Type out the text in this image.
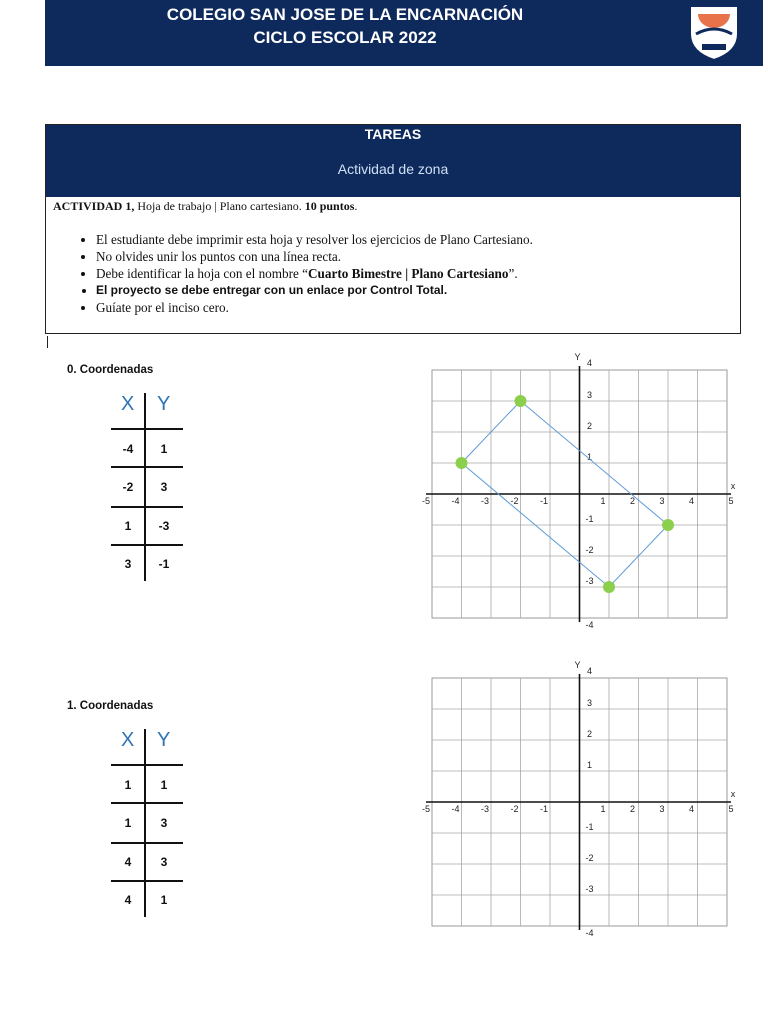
COLEGIO SAN JOSE DE LA ENCARNACIÓN
CICLO ESCOLAR 2022
TAREAS
Actividad de zona
ACTIVIDAD 1, Hoja de trabajo | Plano cartesiano. 10 puntos.
• El estudiante debe imprimir esta hoja y resolver los ejercicios de Plano Cartesiano.
• No olvides unir los puntos con una línea recta.
• Debe identificar la hoja con el nombre “Cuarto Bimestre | Plano Cartesiano”.
• El proyecto se debe entregar con un enlace por Control Total.
• Guíate por el inciso cero.
0. Coordenadas
X Y
-4	1
-2	3
1	-3
3	-1
1. Coordenadas
X Y
1	1
1	3
4	3
4	1
-5 -4 -3 -2 -1	1	2	3	4	5
4
3
2
1
-1
-2
-3
-4
Y
x
-5 -4 -3 -2 -1	1	2	3	4	5
4
3
2
1
-1
-2
-3
-4
Y
x
